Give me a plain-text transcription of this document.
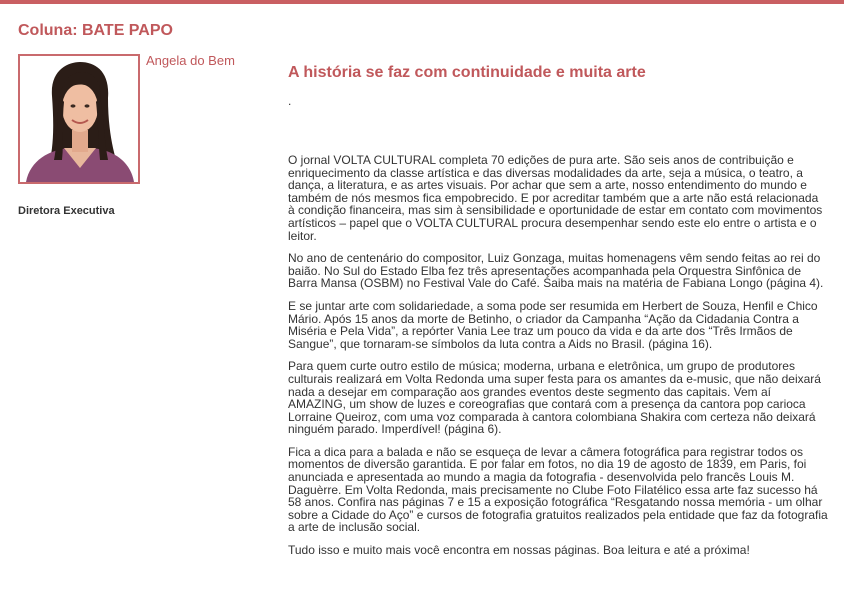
Coluna: BATE PAPO
Angela do Bem
Diretora Executiva
A história se faz com continuidade e muita arte
.

O jornal VOLTA CULTURAL completa 70 edições de pura arte. São seis anos de contribuição e enriquecimento da classe artística e das diversas modalidades da arte, seja a música, o teatro, a dança, a literatura, e as artes visuais. Por achar que sem a arte, nosso entendimento do mundo e também de nós mesmos fica empobrecido. E por acreditar também que a arte não está relacionada à condição financeira, mas sim à sensibilidade e oportunidade de estar em contato com movimentos artísticos – papel que o VOLTA CULTURAL procura desempenhar sendo este elo entre o artista e o leitor.

No ano de centenário do compositor, Luiz Gonzaga, muitas homenagens vêm sendo feitas ao rei do baião. No Sul do Estado Elba fez três apresentações acompanhada pela Orquestra Sinfônica de Barra Mansa (OSBM) no Festival Vale do Café. Saiba mais na matéria de Fabiana Longo (página 4).

E se juntar arte com solidariedade, a soma pode ser resumida em Herbert de Souza, Henfil e Chico Mário. Após 15 anos da morte de Betinho, o criador da Campanha “Ação da Cidadania Contra a Miséria e Pela Vida”, a repórter Vania Lee traz um pouco da vida e da arte dos “Três Irmãos de Sangue”, que tornaram-se símbolos da luta contra a Aids no Brasil. (página 16).

Para quem curte outro estilo de música; moderna, urbana e eletrônica, um grupo de produtores culturais realizará em Volta Redonda uma super festa para os amantes da e-music, que não deixará nada a desejar em comparação aos grandes eventos deste segmento das capitais. Vem aí AMAZING, um show de luzes e coreografias que contará com a presença da cantora pop carioca Lorraine Queiroz, com uma voz comparada à cantora colombiana Shakira com certeza não deixará ninguém parado. Imperdível! (página 6).

Fica a dica para a balada e não se esqueça de levar a câmera fotográfica para registrar todos os momentos de diversão garantida. E por falar em fotos, no dia 19 de agosto de 1839, em Paris, foi anunciada e apresentada ao mundo a magia da fotografia - desenvolvida pelo francês Louis M. Daguèrre. Em Volta Redonda, mais precisamente no Clube Foto Filatélico essa arte faz sucesso há 58 anos. Confira nas páginas 7 e 15 a exposição fotográfica “Resgatando nossa memória - um olhar sobre a Cidade do Aço” e cursos de fotografia gratuitos realizados pela entidade que faz da fotografia a arte de inclusão social.

Tudo isso e muito mais você encontra em nossas páginas. Boa leitura e até a próxima!
